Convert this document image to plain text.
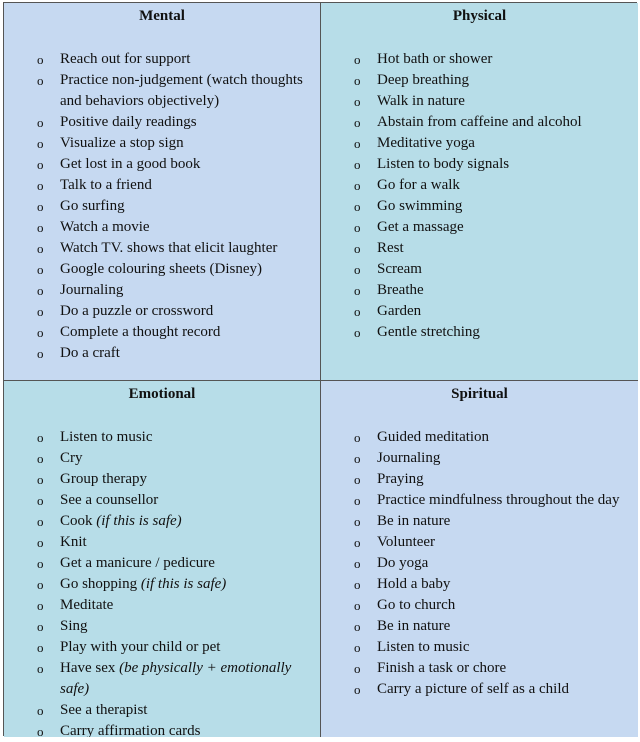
Mental
o Reach out for support
o Practice non-judgement (watch thoughts and behaviors objectively)
o Positive daily readings
o Visualize a stop sign
o Get lost in a good book
o Talk to a friend
o Go surfing
o Watch a movie
o Watch TV. shows that elicit laughter
o Google colouring sheets (Disney)
o Journaling
o Do a puzzle or crossword
o Complete a thought record
o Do a craft
Physical
o Hot bath or shower
o Deep breathing
o Walk in nature
o Abstain from caffeine and alcohol
o Meditative yoga
o Listen to body signals
o Go for a walk
o Go swimming
o Get a massage
o Rest
o Scream
o Breathe
o Garden
o Gentle stretching
Emotional
o Listen to music
o Cry
o Group therapy
o See a counsellor
o Cook (if this is safe)
o Knit
o Get a manicure / pedicure
o Go shopping (if this is safe)
o Meditate
o Sing
o Play with your child or pet
o Have sex (be physically + emotionally safe)
o See a therapist
o Carry affirmation cards
Spiritual
o Guided meditation
o Journaling
o Praying
o Practice mindfulness throughout the day
o Be in nature
o Volunteer
o Do yoga
o Hold a baby
o Go to church
o Be in nature
o Listen to music
o Finish a task or chore
o Carry a picture of self as a child
